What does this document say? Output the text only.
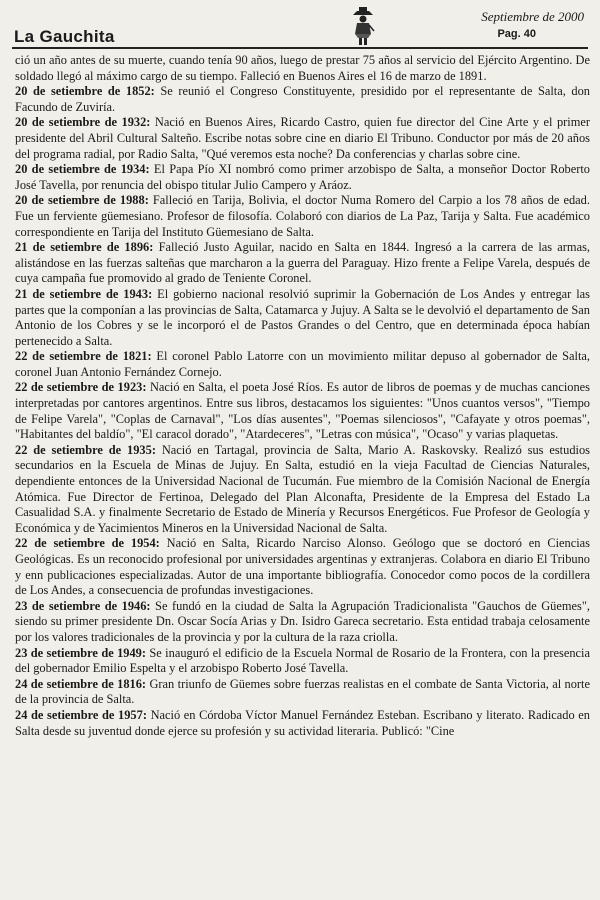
La Gauchita
Septiembre de 2000
Pag. 40

ció un año antes de su muerte, cuando tenía 90 años, luego de prestar 75 años al servicio del Ejército Argentino. De soldado llegó al máximo cargo de su tiempo. Falleció en Buenos Aires el 16 de marzo de 1891.

20 de setiembre de 1852: Se reunió el Congreso Constituyente, presidido por el representante de Salta, don Facundo de Zuviría.

20 de setiembre de 1932: Nació en Buenos Aires, Ricardo Castro, quien fue director del Cine Arte y el primer presidente del Abril Cultural Salteño. Escribe notas sobre cine en diario El Tribuno. Conductor por más de 20 años del programa radial, por Radio Salta, "Qué veremos esta noche? Da conferencias y charlas sobre cine.

20 de setiembre de 1934: El Papa Pío XI nombró como primer arzobispo de Salta, a monseñor Doctor Roberto José Tavella, por renuncia del obispo titular Julio Campero y Aráoz.

20 de setiembre de 1988: Falleció en Tarija, Bolivia, el doctor Numa Romero del Carpio a los 78 años de edad. Fue un ferviente güemesiano. Profesor de filosofía. Colaboró con diarios de La Paz, Tarija y Salta. Fue académico correspondiente en Tarija del Instituto Güemesiano de Salta.

21 de setiembre de 1896: Falleció Justo Aguilar, nacido en Salta en 1844. Ingresó a la carrera de las armas, alistándose en las fuerzas salteñas que marcharon a la guerra del Paraguay. Hizo frente a Felipe Varela, después de cuya campaña fue promovido al grado de Teniente Coronel.

21 de setiembre de 1943: El gobierno nacional resolvió suprimir la Gobernación de Los Andes y entregar las partes que la componían a las provincias de Salta, Catamarca y Jujuy. A Salta se le devolvió el departamento de San Antonio de los Cobres y se le incorporó el de Pastos Grandes o del Centro, que en determinada época habían pertenecido a Salta.

22 de setiembre de 1821: El coronel Pablo Latorre con un movimiento militar depuso al gobernador de Salta, coronel Juan Antonio Fernández Cornejo.

22 de setiembre de 1923: Nació en Salta, el poeta José Ríos. Es autor de libros de poemas y de muchas canciones interpretadas por cantores argentinos. Entre sus libros, destacamos los siguientes: "Unos cuantos versos", "Tiempo de Felipe Varela", "Coplas de Carnaval", "Los días ausentes", "Poemas silenciosos", "Cafayate y otros poemas", "Habitantes del baldío", "El caracol dorado", "Atardeceres", "Letras con música", "Ocaso" y varias plaquetas.

22 de setiembre de 1935: Nació en Tartagal, provincia de Salta, Mario A. Raskovsky. Realizó sus estudios secundarios en la Escuela de Minas de Jujuy. En Salta, estudió en la vieja Facultad de Ciencias Naturales, dependiente entonces de la Universidad Nacional de Tucumán. Fue miembro de la Comisión Nacional de Energía Atómica. Fue Director de Fertinoa, Delegado del Plan Alconafta, Presidente de la Empresa del Estado La Casualidad S.A. y finalmente Secretario de Estado de Minería y Recursos Energéticos. Fue Profesor de Geología y Económica y de Yacimientos Mineros en la Universidad Nacional de Salta.

22 de setiembre de 1954: Nació en Salta, Ricardo Narciso Alonso. Geólogo que se doctoró en Ciencias Geológicas. Es un reconocido profesional por universidades argentinas y extranjeras. Colabora en diario El Tribuno y enn publicaciones especializadas. Autor de una importante bibliografía. Conocedor como pocos de la cordillera de Los Andes, a consecuencia de profundas investigaciones.

23 de setiembre de 1946: Se fundó en la ciudad de Salta la Agrupación Tradicionalista "Gauchos de Güemes", siendo su primer presidente Dn. Oscar Socía Arias y Dn. Isidro Gareca secretario. Esta entidad trabaja celosamente por los valores tradicionales de la provincia y por la cultura de la raza criolla.

23 de setiembre de 1949: Se inauguró el edificio de la Escuela Normal de Rosario de la Frontera, con la presencia del gobernador Emilio Espelta y el arzobispo Roberto José Tavella.

24 de setiembre de 1816: Gran triunfo de Güemes sobre fuerzas realistas en el combate de Santa Victoria, al norte de la provincia de Salta.

24 de setiembre de 1957: Nació en Córdoba Víctor Manuel Fernández Esteban. Escribano y literato. Radicado en Salta desde su juventud donde ejerce su profesión y su actividad literaria. Publicó: "Cine
